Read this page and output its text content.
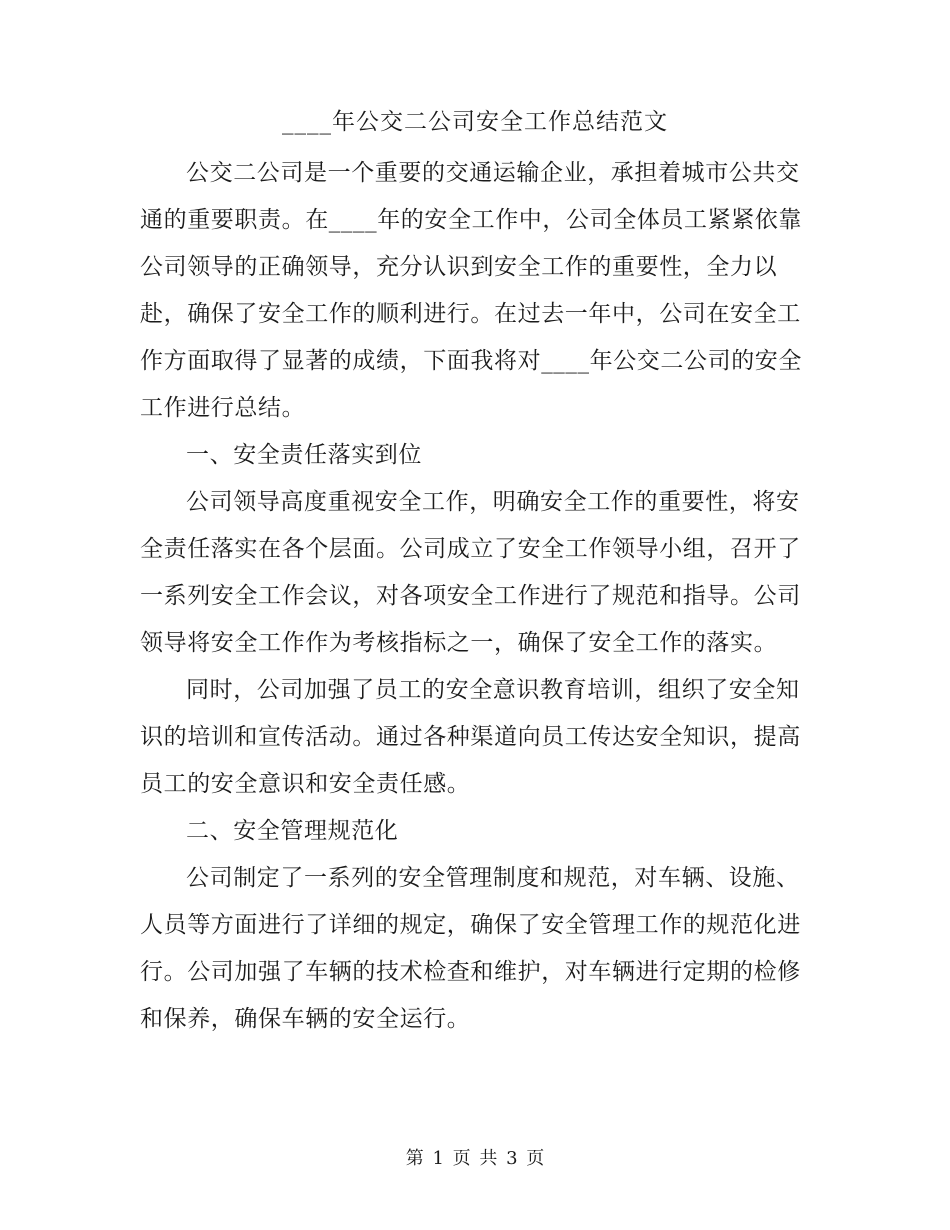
____年公交二公司安全工作总结范文
公交二公司是一个重要的交通运输企业，承担着城市公共交
通的重要职责。在____年的安全工作中，公司全体员工紧紧依靠
公司领导的正确领导，充分认识到安全工作的重要性，全力以
赴，确保了安全工作的顺利进行。在过去一年中，公司在安全工
作方面取得了显著的成绩，下面我将对____年公交二公司的安全
工作进行总结。
一、安全责任落实到位
公司领导高度重视安全工作，明确安全工作的重要性，将安
全责任落实在各个层面。公司成立了安全工作领导小组，召开了
一系列安全工作会议，对各项安全工作进行了规范和指导。公司
领导将安全工作作为考核指标之一，确保了安全工作的落实。
同时，公司加强了员工的安全意识教育培训，组织了安全知
识的培训和宣传活动。通过各种渠道向员工传达安全知识，提高
员工的安全意识和安全责任感。
二、安全管理规范化
公司制定了一系列的安全管理制度和规范，对车辆、设施、
人员等方面进行了详细的规定，确保了安全管理工作的规范化进
行。公司加强了车辆的技术检查和维护，对车辆进行定期的检修
和保养，确保车辆的安全运行。
第 1 页 共 3 页
